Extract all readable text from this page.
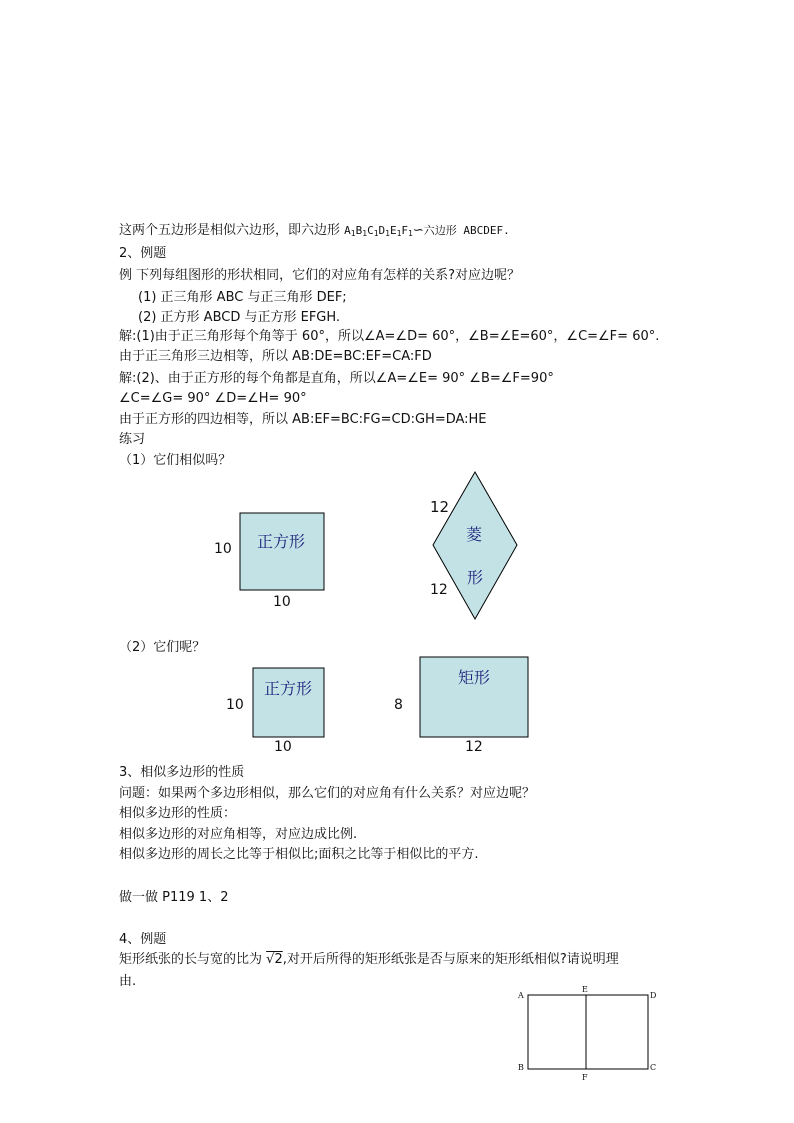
这两个五边形是相似六边形，即六边形 $A_1B_1C_1D_1E_1F_1∽$六边形 ABCDEF.
2、例题
例 下列每组图形的形状相同，它们的对应角有怎样的关系?对应边呢？
(1) 正三角形 ABC 与正三角形 DEF;
(2) 正方形 ABCD 与正方形 EFGH.
解:(1)由于正三角形每个角等于 60°，所以∠A=∠D= 60°，∠B=∠E=60°，∠C=∠F= 60°.
由于正三角形三边相等，所以 AB:DE=BC:EF=CA:FD
解:(2)、由于正方形的每个角都是直角，所以∠A=∠E= 90° ∠B=∠F=90°
∠C=∠G= 90° ∠D=∠H= 90°
由于正方形的四边相等，所以 AB:EF=BC:FG=CD:GH=DA:HE
练习
（1）它们相似吗？
正方形
10
10
菱
形
12
12
（2）它们呢？
正方形
10
10
矩形
8
12
3、相似多边形的性质
问题：如果两个多边形相似，那么它们的对应角有什么关系？对应边呢？
相似多边形的性质：
相似多边形的对应角相等，对应边成比例.
相似多边形的周长之比等于相似比;面积之比等于相似比的平方.
做一做 P119 1、2
4、例题
矩形纸张的长与宽的比为 √2,对开后所得的矩形纸张是否与原来的矩形纸相似?请说明理
由.
A
E
D
B
F
C
